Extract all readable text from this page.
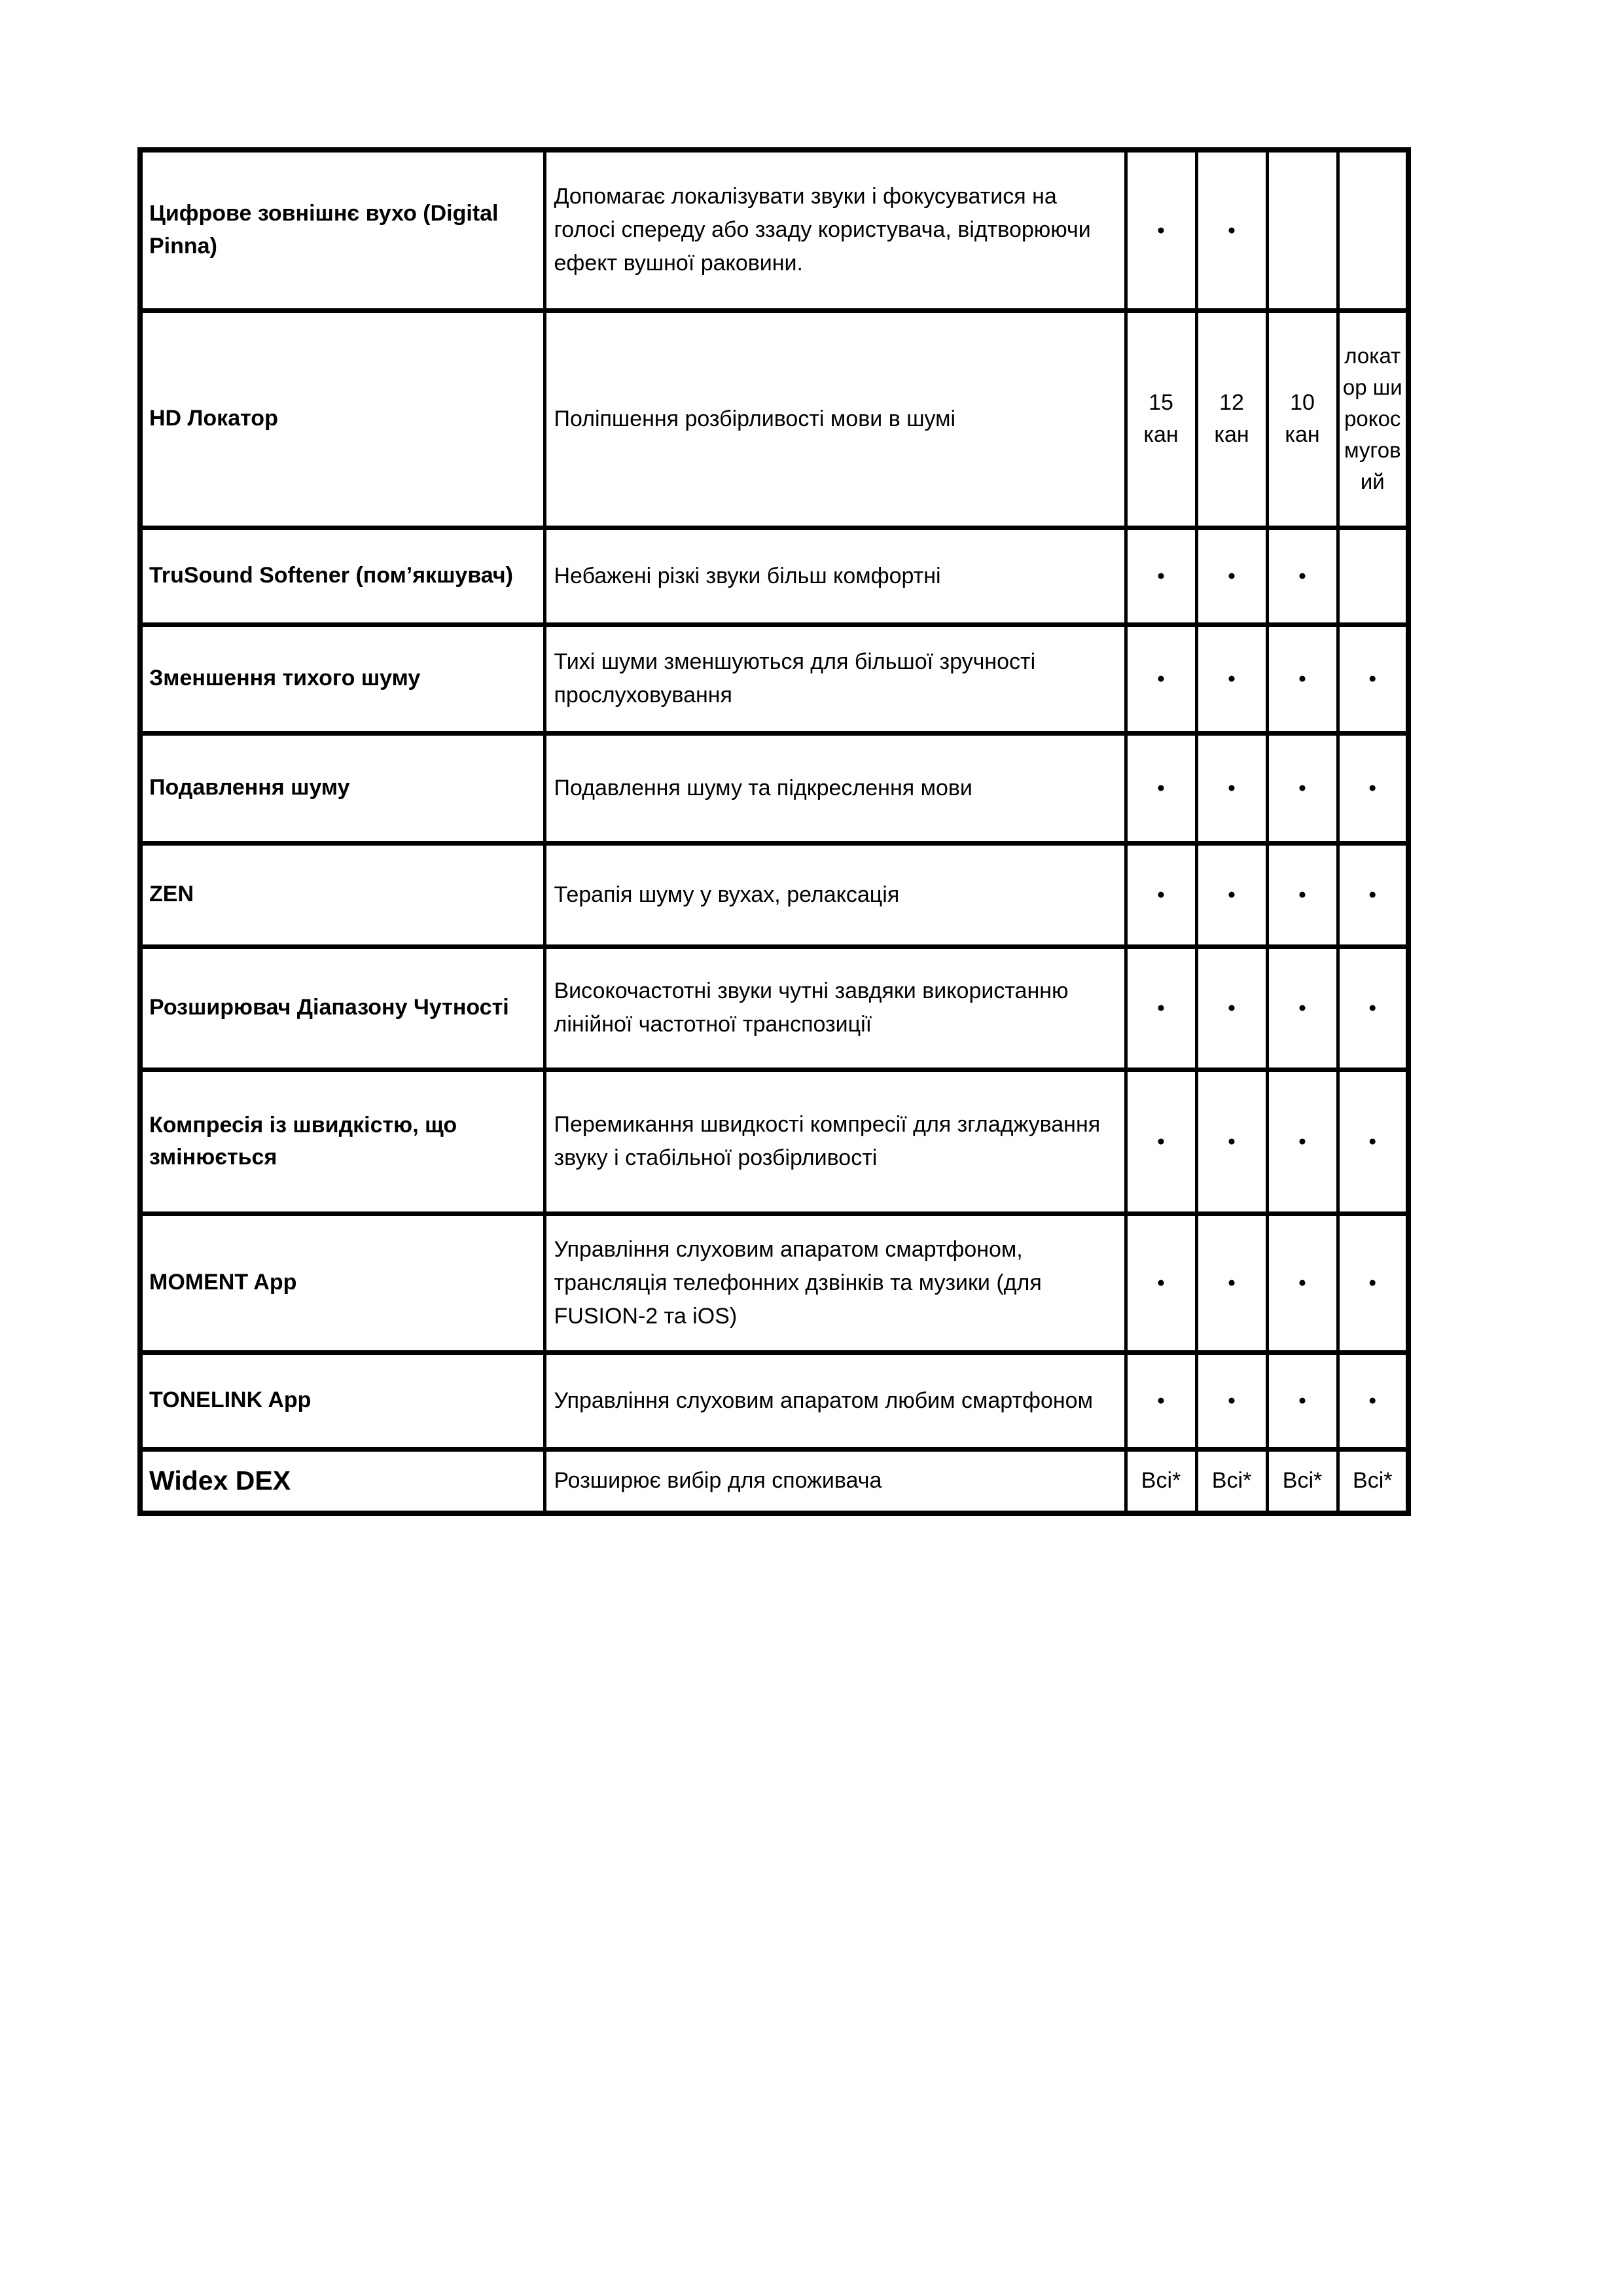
Цифрове зовнішнє вухо (Digital Pinna)	Допомагає локалізувати звуки і фокусуватися на голосі спереду або ззаду користувача, відтворюючи ефект вушної раковини.	●	●		
HD Локатор	Поліпшення розбірливості мови в шумі	15 кан	12 кан	10 кан	локатор широкосмуговий
TruSound Softener (пом’якшувач)	Небажені різкі звуки більш комфортні	●	●	●	
Зменшення тихого шуму	Тихі шуми зменшуються для більшої зручності прослуховування	●	●	●	●
Подавлення шуму	Подавлення шуму та підкреслення мови	●	●	●	●
ZEN	Терапія шуму у вухах, релаксація	●	●	●	●
Розширювач Діапазону Чутності	Високочастотні звуки чутні завдяки використанню лінійної частотної транспозиції	●	●	●	●
Компресія із швидкістю, що змінюється	Перемикання швидкості компресії для згладжування звуку і стабільної розбірливості	●	●	●	●
MOMENT App	Управління слуховим апаратом смартфоном, трансляція телефонних дзвінків та музики (для FUSION-2 та iOS)	●	●	●	●
TONELINK App	Управління слуховим апаратом любим смартфоном	●	●	●	●
Widex DEX	Розширює вибір для споживача	Всі*	Всі*	Всі*	Всі*
